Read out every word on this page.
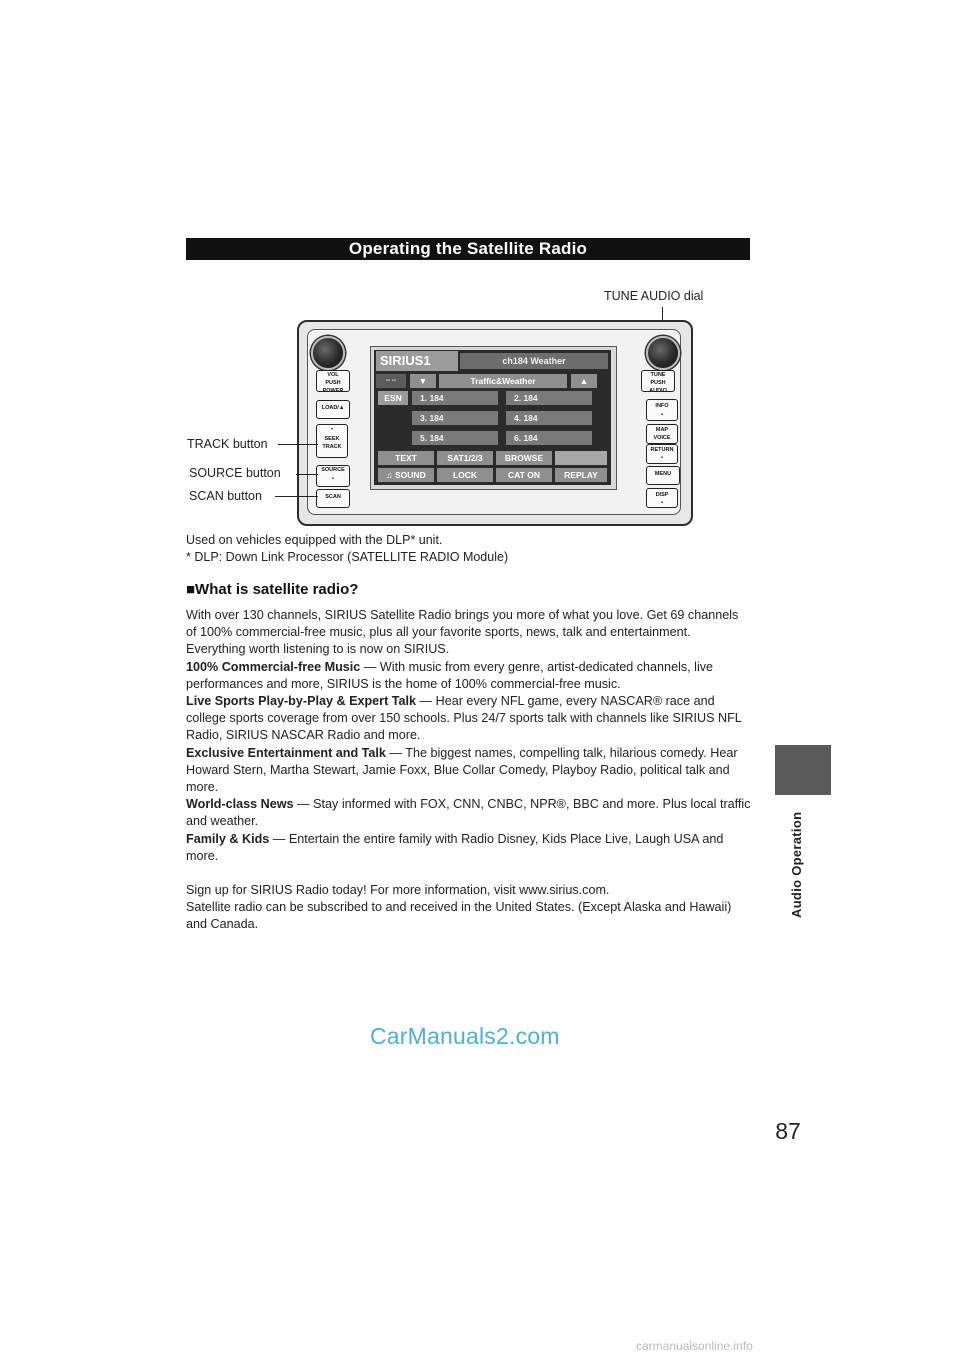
Operating the Satellite Radio
Audio Operation
TUNE AUDIO dial
VOL
PUSH POWER
LOAD/▲
⌃
SEEK
TRACK
SOURCE
•
SCAN
TUNE
PUSH AUDIO
INFO
•
MAP
VOICE
RETURN
•
MENU
DISP
•
SIRIUS1	ch184 Weather
-- --	▼	Traffic&Weather	▲
ESN	1. 184	2. 184
3. 184	4. 184
5. 184	6. 184
TEXT	SAT1/2/3	BROWSE
♫ SOUND	LOCK	CAT ON	REPLAY
TRACK button
SOURCE button
SCAN button
Used on vehicles equipped with the DLP* unit.
* DLP: Down Link Processor (SATELLITE RADIO Module)
■What is satellite radio?

With over 130 channels, SIRIUS Satellite Radio brings you more of what you love. Get 69 channels of 100% commercial-free music, plus all your favorite sports, news, talk and entertainment. Everything worth listening to is now on SIRIUS.

100% Commercial-free Music — With music from every genre, artist-dedicated channels, live performances and more, SIRIUS is the home of 100% commercial-free music.

Live Sports Play-by-Play & Expert Talk — Hear every NFL game, every NASCAR® race and college sports coverage from over 150 schools. Plus 24/7 sports talk with channels like SIRIUS NFL Radio, SIRIUS NASCAR Radio and more.

Exclusive Entertainment and Talk — The biggest names, compelling talk, hilarious comedy. Hear Howard Stern, Martha Stewart, Jamie Foxx, Blue Collar Comedy, Playboy Radio, political talk and more.

World-class News — Stay informed with FOX, CNN, CNBC, NPR®, BBC and more. Plus local traffic and weather.

Family & Kids — Entertain the entire family with Radio Disney, Kids Place Live, Laugh USA and more.

Sign up for SIRIUS Radio today! For more information, visit www.sirius.com.

Satellite radio can be subscribed to and received in the United States. (Except Alaska and Hawaii) and Canada.

CarManuals2.com
87
carmanualsonline.info
